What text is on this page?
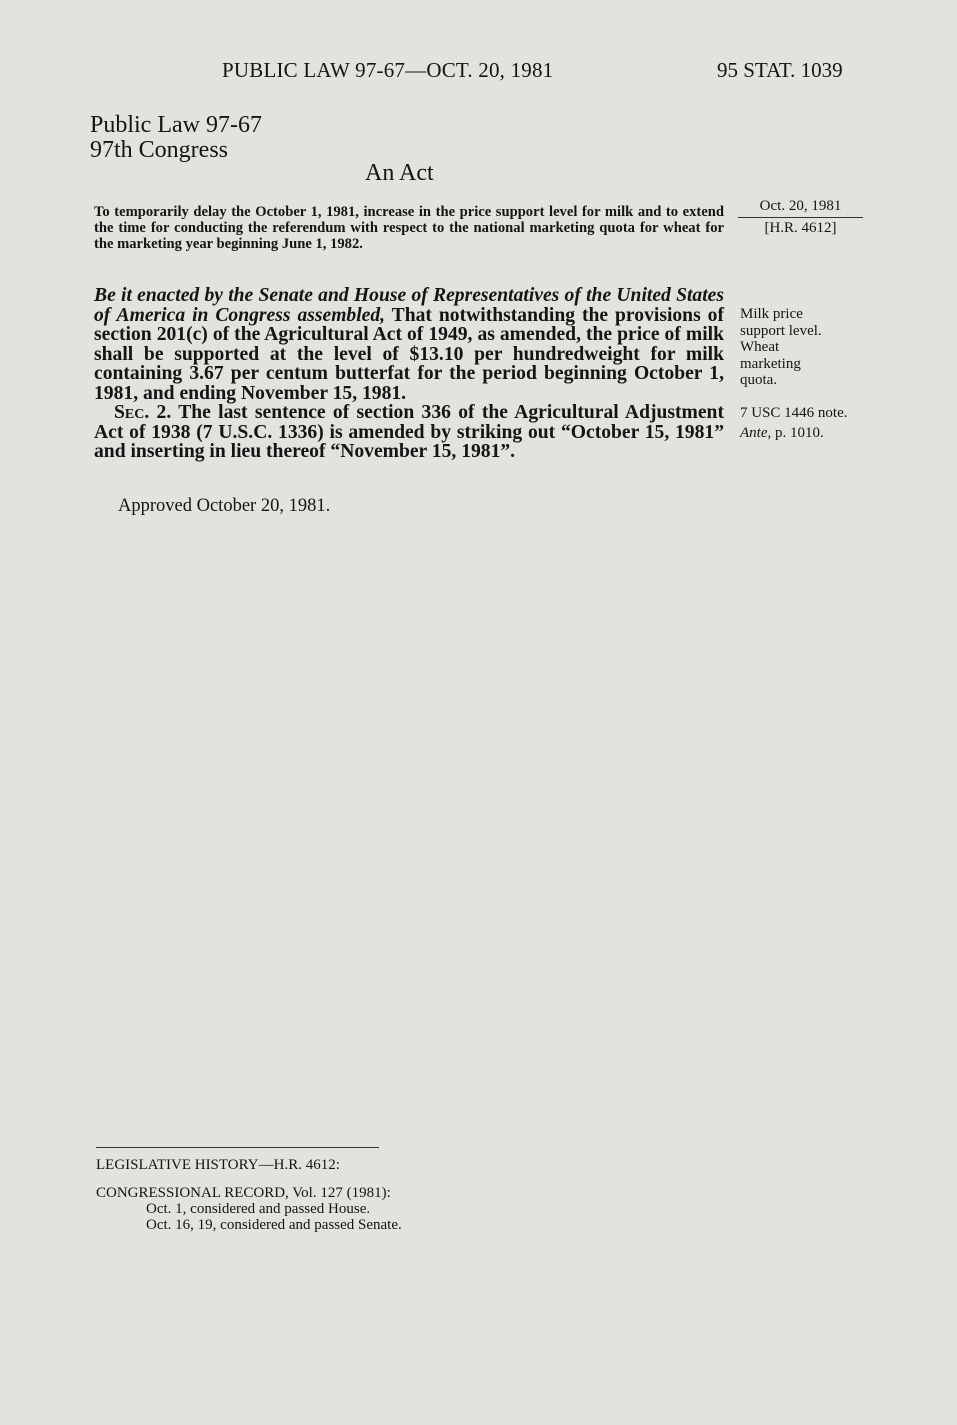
PUBLIC LAW 97-67—OCT. 20, 1981	95 STAT. 1039
Public Law 97-67
97th Congress
An Act
To temporarily delay the October 1, 1981, increase in the price support level for milk and to extend the time for conducting the referendum with respect to the national marketing quota for wheat for the marketing year beginning June 1, 1982.
Oct. 20, 1981
[H.R. 4612]
Milk price
support level.
Wheat
marketing
quota.
7 USC 1446 note.
Ante, p. 1010.

Be it enacted by the Senate and House of Representatives of the United States of America in Congress assembled, That notwithstanding the provisions of section 201(c) of the Agricultural Act of 1949, as amended, the price of milk shall be supported at the level of $13.10 per hundredweight for milk containing 3.67 per centum butterfat for the period beginning October 1, 1981, and ending November 15, 1981.

Sec. 2. The last sentence of section 336 of the Agricultural Adjustment Act of 1938 (7 U.S.C. 1336) is amended by striking out “October 15, 1981” and inserting in lieu thereof “November 15, 1981”.

Approved October 20, 1981.
LEGISLATIVE HISTORY—H.R. 4612:
CONGRESSIONAL RECORD, Vol. 127 (1981):
Oct. 1, considered and passed House.
Oct. 16, 19, considered and passed Senate.
